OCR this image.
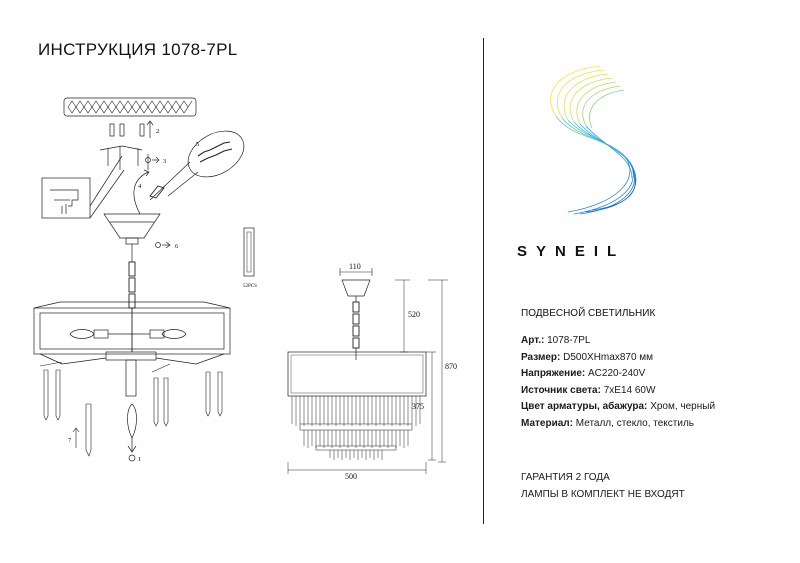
ИНСТРУКЦИЯ 1078-7PL
2
3
4
5
6
1
7
52PCS
110
520
870
375
500
SYNEIL
ПОДВЕСНОЙ СВЕТИЛЬНИК
Арт.: 1078-7PL
Размер: D500XHmax870 мм
Напряжение: AC220-240V
Источник света: 7хE14 60W
Цвет арматуры, абажура: Хром, черный
Материал: Металл, стекло, текстиль
ГАРАНТИЯ 2 ГОДА
ЛАМПЫ В КОМПЛЕКТ НЕ ВХОДЯТ
